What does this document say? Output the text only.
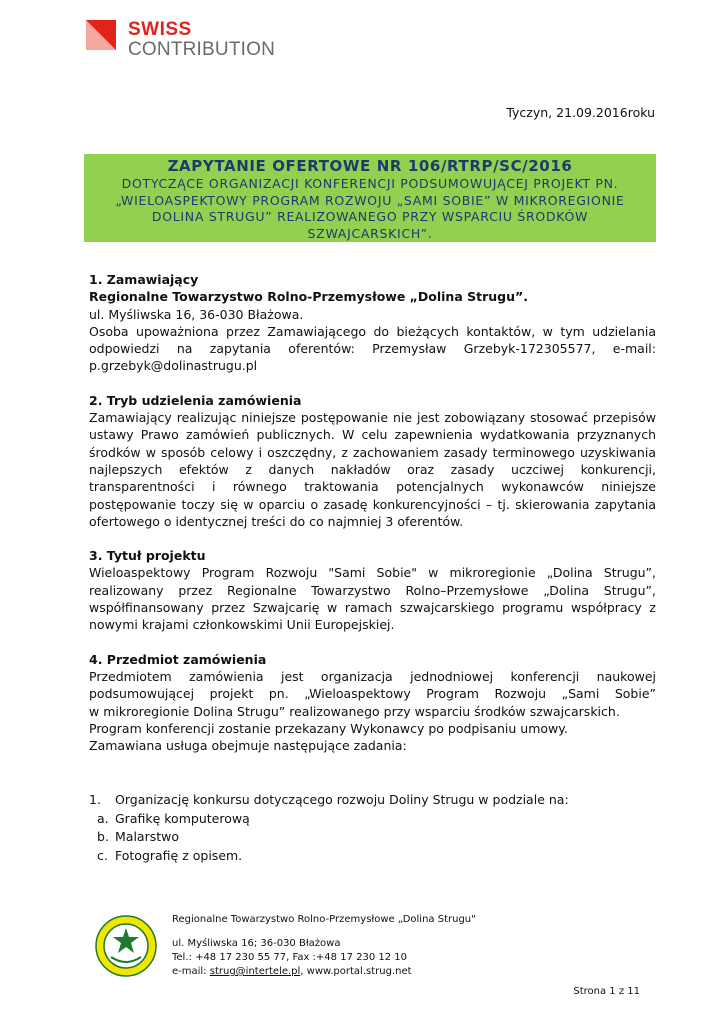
SWISS
CONTRIBUTION
Tyczyn, 21.09.2016roku
ZAPYTANIE OFERTOWE NR 106/RTRP/SC/2016
DOTYCZĄCE ORGANIZACJI KONFERENCJI PODSUMOWUJĄCEJ PROJEKT PN.
„WIELOASPEKTOWY PROGRAM ROZWOJU „SAMI SOBIE” W MIKROREGIONIE
DOLINA STRUGU” REALIZOWANEGO PRZY WSPARCIU ŚRODKÓW
SZWAJCARSKICH”.
1. Zamawiający
Regionalne Towarzystwo Rolno-Przemysłowe „Dolina Strugu”.
ul. Myśliwska 16, 36-030 Błażowa.
Osoba upoważniona przez Zamawiającego do bieżących kontaktów, w tym udzielania
odpowiedzi na zapytania oferentów: Przemysław Grzebyk-172305577, e-mail:
p.grzebyk@dolinastrugu.pl
2. Tryb udzielenia zamówienia
Zamawiający realizując niniejsze postępowanie nie jest zobowiązany stosować przepisów ustawy Prawo zamówień publicznych. W celu zapewnienia wydatkowania przyznanych środków w sposób celowy i oszczędny, z zachowaniem zasady terminowego uzyskiwania najlepszych efektów z danych nakładów oraz zasady uczciwej konkurencji, transparentności i równego traktowania potencjalnych wykonawców niniejsze postępowanie toczy się w oparciu o zasadę konkurencyjności – tj. skierowania zapytania ofertowego o identycznej treści do co najmniej 3 oferentów.
3. Tytuł projektu
Wieloaspektowy Program Rozwoju "Sami Sobie" w mikroregionie „Dolina Strugu”, realizowany przez Regionalne Towarzystwo Rolno–Przemysłowe „Dolina Strugu”, współfinansowany przez Szwajcarię w ramach szwajcarskiego programu współpracy z nowymi krajami członkowskimi Unii Europejskiej.
4. Przedmiot zamówienia
Przedmiotem zamówienia jest organizacja jednodniowej konferencji naukowej
podsumowującej projekt pn. „Wieloaspektowy Program Rozwoju „Sami Sobie”
w mikroregionie Dolina Strugu” realizowanego przy wsparciu środków szwajcarskich. Program konferencji zostanie przekazany Wykonawcy po podpisaniu umowy.
Zamawiana usługa obejmuje następujące zadania:
1. Organizację konkursu dotyczącego rozwoju Doliny Strugu w podziale na:
a. Grafikę komputerową
b. Malarstwo
c. Fotografię z opisem.
Regionalne Towarzystwo Rolno-Przemysłowe „Dolina Strugu"
ul. Myśliwska 16; 36-030 Błażowa
Tel.: +48 17 230 55 77, Fax :+48 17 230 12 10
e-mail: strug@intertele.pl, www.portal.strug.net
Strona 1 z 11
